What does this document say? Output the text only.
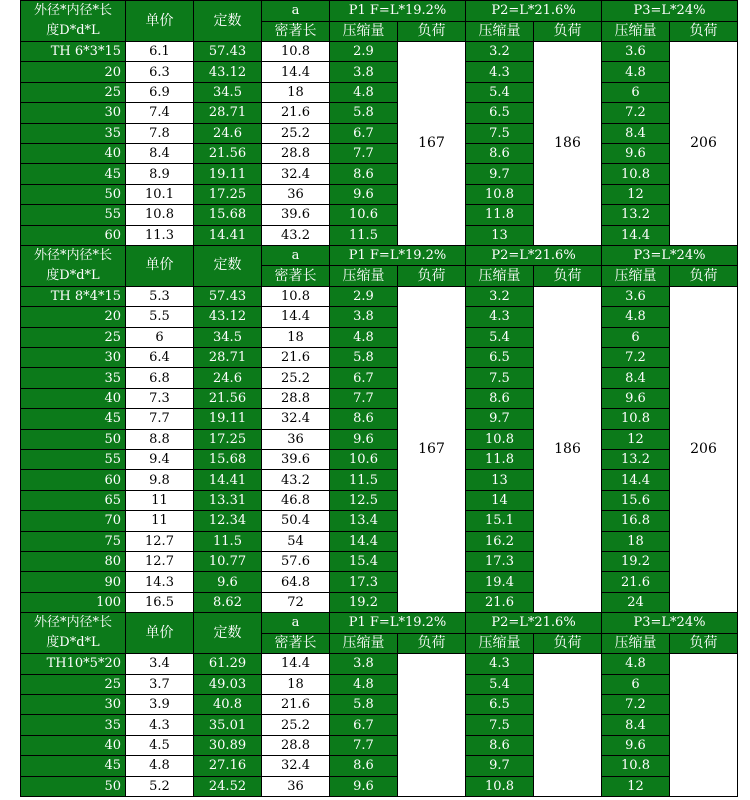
外径*内径*长
度D*d*L	单价	定数	a	P1 F=L*19.2%		P2=L*21.6%		P3=L*24%	
			密著长	压缩量	负荷	压缩量	负荷	压缩量	负荷
TH 6*3*15	6.1	57.43	10.8	2.9	167	3.2	186	3.6	206
20	6.3	43.12	14.4	3.8		4.3		4.8	
25	6.9	34.5	18	4.8		5.4		6	
30	7.4	28.71	21.6	5.8		6.5		7.2	
35	7.8	24.6	25.2	6.7		7.5		8.4	
40	8.4	21.56	28.8	7.7		8.6		9.6	
45	8.9	19.11	32.4	8.6		9.7		10.8	
50	10.1	17.25	36	9.6		10.8		12	
55	10.8	15.68	39.6	10.6		11.8		13.2	
60	11.3	14.41	43.2	11.5		13		14.4	
外径*内径*长
度D*d*L	单价	定数	a	P1 F=L*19.2%		P2=L*21.6%		P3=L*24%	
			密著长	压缩量	负荷	压缩量	负荷	压缩量	负荷
TH 8*4*15	5.3	57.43	10.8	2.9	167	3.2	186	3.6	206
20	5.5	43.12	14.4	3.8		4.3		4.8	
25	6	34.5	18	4.8		5.4		6	
30	6.4	28.71	21.6	5.8		6.5		7.2	
35	6.8	24.6	25.2	6.7		7.5		8.4	
40	7.3	21.56	28.8	7.7		8.6		9.6	
45	7.7	19.11	32.4	8.6		9.7		10.8	
50	8.8	17.25	36	9.6		10.8		12	
55	9.4	15.68	39.6	10.6		11.8		13.2	
60	9.8	14.41	43.2	11.5		13		14.4	
65	11	13.31	46.8	12.5		14		15.6	
70	11	12.34	50.4	13.4		15.1		16.8	
75	12.7	11.5	54	14.4		16.2		18	
80	12.7	10.77	57.6	15.4		17.3		19.2	
90	14.3	9.6	64.8	17.3		19.4		21.6	
100	16.5	8.62	72	19.2		21.6		24	
外径*内径*长
度D*d*L	单价	定数	a	P1 F=L*19.2%		P2=L*21.6%		P3=L*24%	
			密著长	压缩量	负荷	压缩量	负荷	压缩量	负荷
TH10*5*20	3.4	61.29	14.4	3.8		4.3		4.8	
25	3.7	49.03	18	4.8		5.4		6	
30	3.9	40.8	21.6	5.8		6.5		7.2	
35	4.3	35.01	25.2	6.7		7.5		8.4	
40	4.5	30.89	28.8	7.7		8.6		9.6	
45	4.8	27.16	32.4	8.6		9.7		10.8	
50	5.2	24.52	36	9.6		10.8		12	
